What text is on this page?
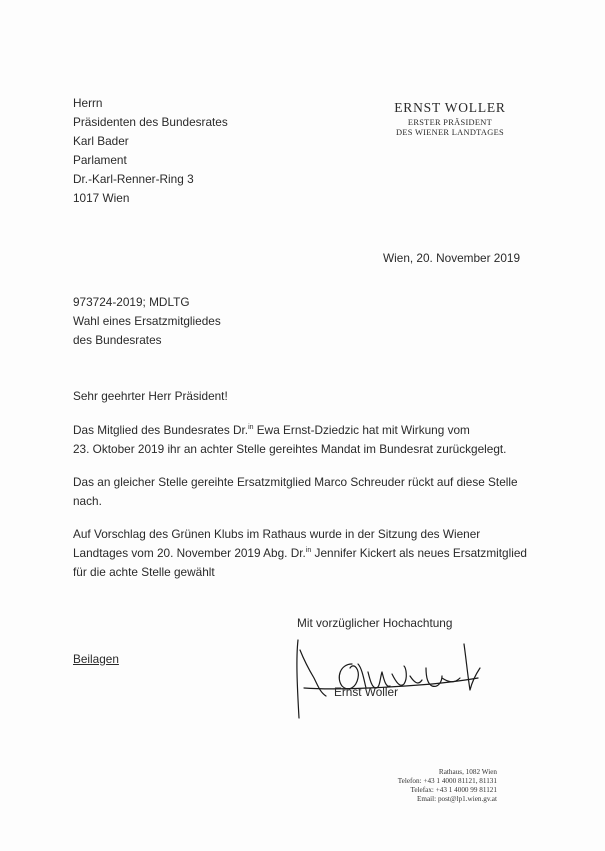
Herrn
Präsidenten des Bundesrates
Karl Bader
Parlament
Dr.-Karl-Renner-Ring 3
1017 Wien
ERNST WOLLER
ERSTER PRÄSIDENT
DES WIENER LANDTAGES
Wien, 20. November 2019
973724-2019; MDLTG
Wahl eines Ersatzmitgliedes
des Bundesrates
Sehr geehrter Herr Präsident!
Das Mitglied des Bundesrates Dr.$^{in}$ Ewa Ernst-Dziedzic hat mit Wirkung vom
23. Oktober 2019 ihr an achter Stelle gereihtes Mandat im Bundesrat zurückgelegt.
Das an gleicher Stelle gereihte Ersatzmitglied Marco Schreuder rückt auf diese Stelle
nach.
Auf Vorschlag des Grünen Klubs im Rathaus wurde in der Sitzung des Wiener
Landtages vom 20. November 2019 Abg. Dr.$^{in}$ Jennifer Kickert als neues Ersatzmitglied
für die achte Stelle gewählt
Mit vorzüglicher Hochachtung
Beilagen
Ernst Woller
Rathaus, 1082 Wien
Telefon: +43 1 4000 81121, 81131
Telefax: +43 1 4000 99 81121
Email: post@lp1.wien.gv.at
